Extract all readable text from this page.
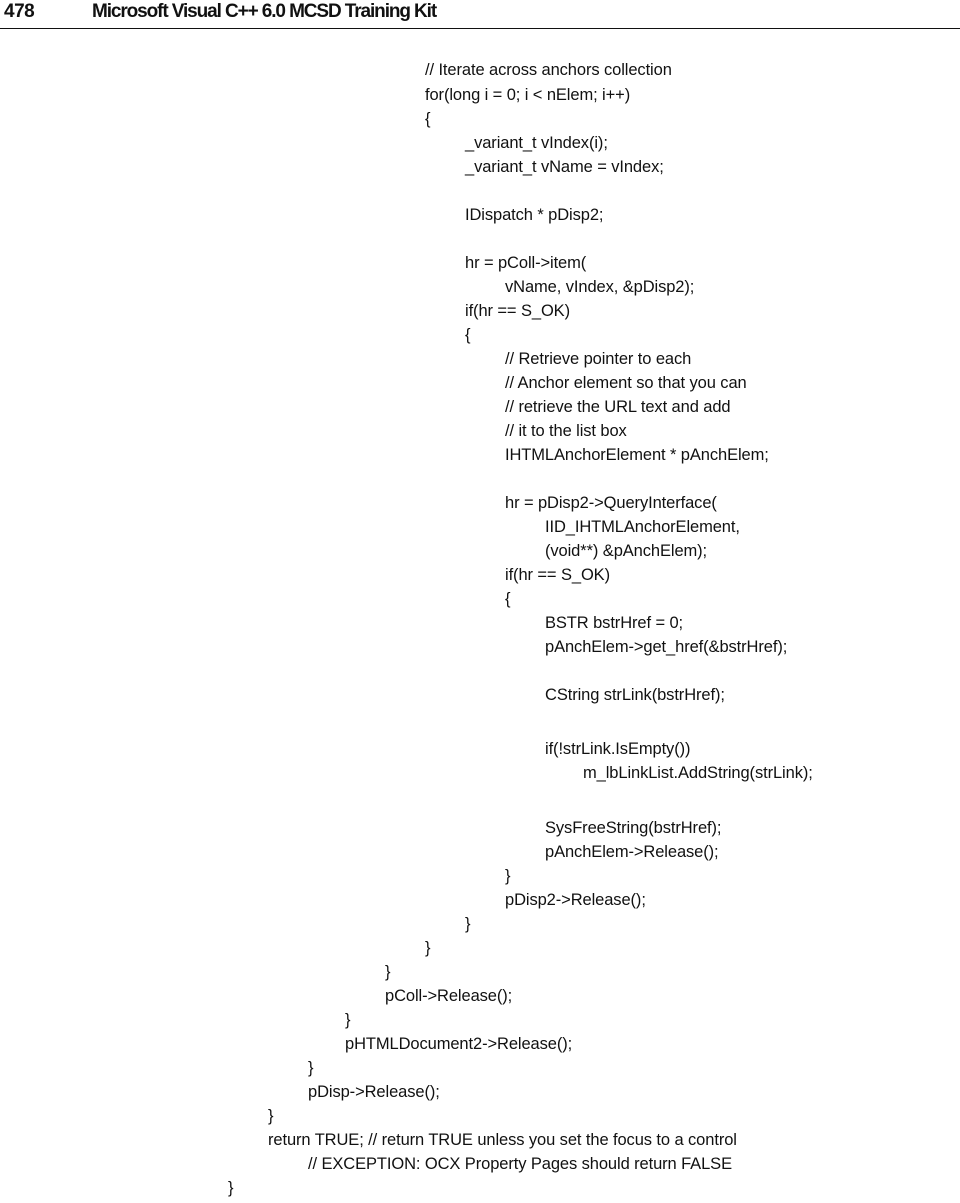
478	Microsoft Visual C++ 6.0 MCSD Training Kit
// Iterate across anchors collection
for(long i = 0; i < nElem; i++)
{
_variant_t vIndex(i);
_variant_t vName = vIndex;
IDispatch * pDisp2;
hr = pColl->item(
vName, vIndex, &pDisp2);
if(hr == S_OK)
{
// Retrieve pointer to each
// Anchor element so that you can
// retrieve the URL text and add
// it to the list box
IHTMLAnchorElement * pAnchElem;
hr = pDisp2->QueryInterface(
IID_IHTMLAnchorElement,
(void**) &pAnchElem);
if(hr == S_OK)
{
BSTR bstrHref = 0;
pAnchElem->get_href(&bstrHref);
CString strLink(bstrHref);
if(!strLink.IsEmpty())
m_lbLinkList.AddString(strLink);
SysFreeString(bstrHref);
pAnchElem->Release();
}
pDisp2->Release();
}
}
}
pColl->Release();
}
pHTMLDocument2->Release();
}
pDisp->Release();
}
return TRUE; // return TRUE unless you set the focus to a control
// EXCEPTION: OCX Property Pages should return FALSE
}
